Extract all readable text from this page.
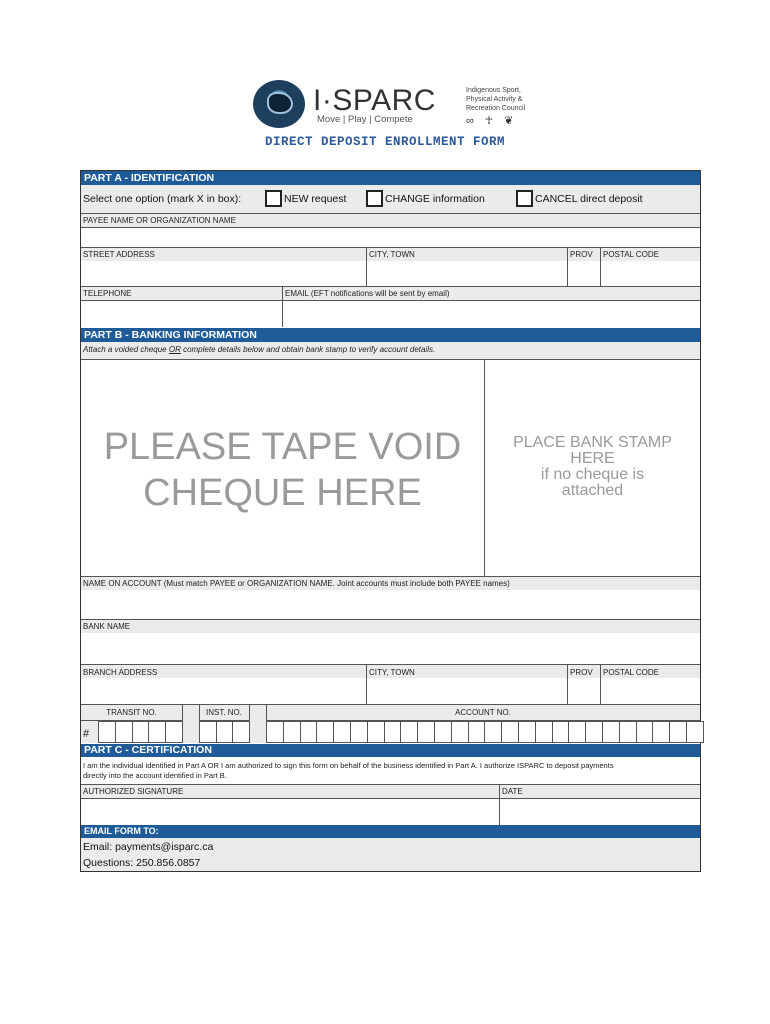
I·SPARC
Move | Play | Compete
Indigenous Sport,
Physical Activity &
Recreation Council
∞ ☥ ❦
DIRECT DEPOSIT ENROLLMENT FORM
PART A - IDENTIFICATION
Select one option (mark X in box):	NEW request	CHANGE information	CANCEL direct deposit
PAYEE NAME OR ORGANIZATION NAME
STREET ADDRESS	CITY, TOWN	PROV POSTAL CODE
TELEPHONE	EMAIL (EFT notifications will be sent by email)
PART B - BANKING INFORMATION
Attach a voided cheque OR complete details below and obtain bank stamp to verify account details.
PLEASE TAPE VOID
CHEQUE HERE
PLACE BANK STAMP
HERE
if no cheque is
attached
NAME ON ACCOUNT (Must match PAYEE or ORGANIZATION NAME. Joint accounts must include both PAYEE names)
BANK NAME
BRANCH ADDRESS	CITY, TOWN	PROV POSTAL CODE
TRANSIT NO.	INST. NO.	ACCOUNT NO.
#
PART C - CERTIFICATION
I am the individual identified in Part A OR I am authorized to sign this form on behalf of the business identified in Part A. I authorize ISPARC to deposit payments
directly into the account identified in Part B.
AUTHORIZED SIGNATURE	DATE
EMAIL FORM TO:
Email: payments@isparc.ca
Questions: 250.856.0857
